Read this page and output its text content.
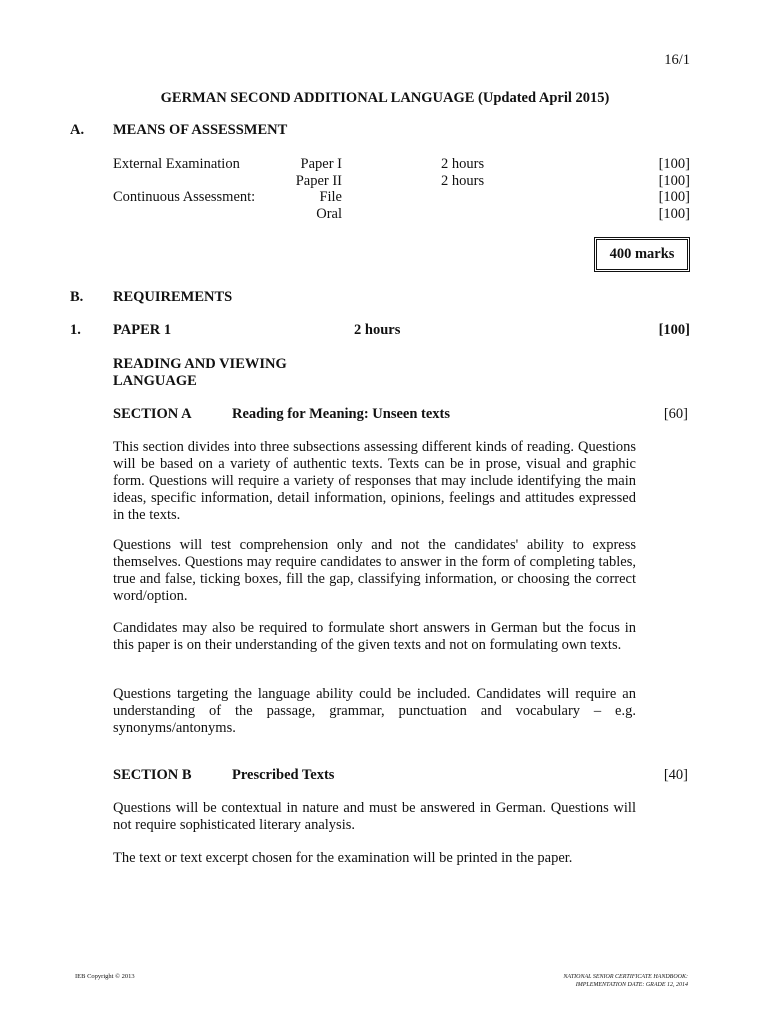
16/1
GERMAN SECOND ADDITIONAL LANGUAGE (Updated April 2015)
A. MEANS OF ASSESSMENT
External Examination	Paper I	2 hours	[100]
Paper II	2 hours	[100]
Continuous Assessment:	File	[100]
Oral	[100]
400 marks
B. REQUIREMENTS
1. PAPER 1	2 hours	[100]
READING AND VIEWING
LANGUAGE
SECTION A	Reading for Meaning: Unseen texts	[60]
This section divides into three subsections assessing different kinds of reading. Questions will be based on a variety of authentic texts. Texts can be in prose, visual and graphic form. Questions will require a variety of responses that may include identifying the main ideas, specific information, detail information, opinions, feelings and attitudes expressed in the texts.
Questions will test comprehension only and not the candidates' ability to express themselves. Questions may require candidates to answer in the form of completing tables, true and false, ticking boxes, fill the gap, classifying information, or choosing the correct word/option.
Candidates may also be required to formulate short answers in German but the focus in this paper is on their understanding of the given texts and not on formulating own texts.
Questions targeting the language ability could be included. Candidates will require an understanding of the passage, grammar, punctuation and vocabulary – e.g. synonyms/antonyms.
SECTION B	Prescribed Texts	[40]
Questions will be contextual in nature and must be answered in German. Questions will not require sophisticated literary analysis.
The text or text excerpt chosen for the examination will be printed in the paper.
IEB Copyright © 2013	NATIONAL SENIOR CERTIFICATE HANDBOOK:
IMPLEMENTATION DATE: GRADE 12, 2014
